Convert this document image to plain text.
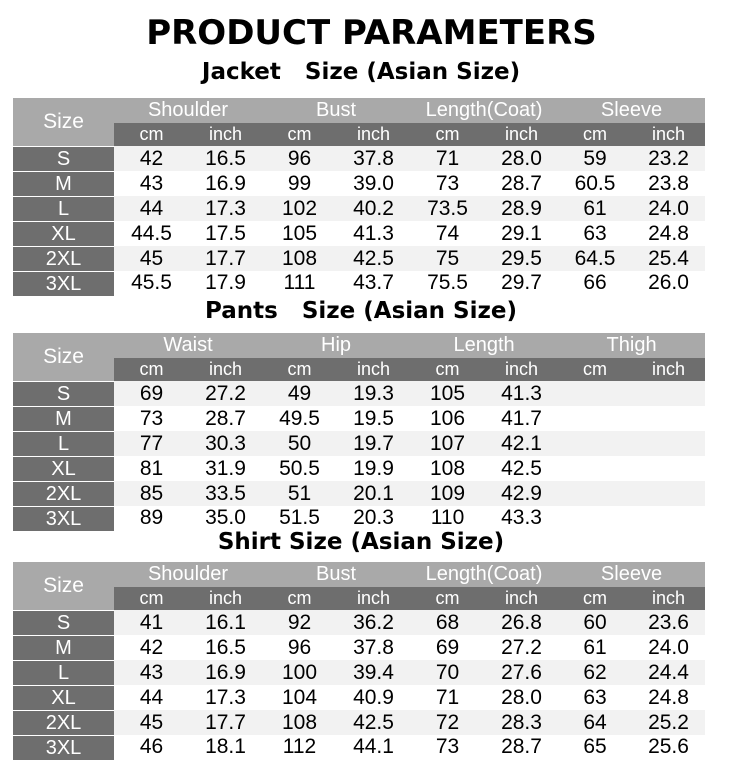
PRODUCT PARAMETERS
Jacket   Size (Asian Size)
Size	Shoulder		Bust		Length(Coat)		Sleeve	
	cm	inch	cm	inch	cm	inch	cm	inch
S	42	16.5	96	37.8	71	28.0	59	23.2
M	43	16.9	99	39.0	73	28.7	60.5	23.8
L	44	17.3	102	40.2	73.5	28.9	61	24.0
XL	44.5	17.5	105	41.3	74	29.1	63	24.8
2XL	45	17.7	108	42.5	75	29.5	64.5	25.4
3XL	45.5	17.9	111	43.7	75.5	29.7	66	26.0
Pants   Size (Asian Size)
Size	Waist		Hip		Length		Thigh	
	cm	inch	cm	inch	cm	inch	cm	inch
S	69	27.2	49	19.3	105	41.3		
M	73	28.7	49.5	19.5	106	41.7		
L	77	30.3	50	19.7	107	42.1		
XL	81	31.9	50.5	19.9	108	42.5		
2XL	85	33.5	51	20.1	109	42.9		
3XL	89	35.0	51.5	20.3	110	43.3		
Shirt Size (Asian Size)
Size	Shoulder		Bust		Length(Coat)		Sleeve	
	cm	inch	cm	inch	cm	inch	cm	inch
S	41	16.1	92	36.2	68	26.8	60	23.6
M	42	16.5	96	37.8	69	27.2	61	24.0
L	43	16.9	100	39.4	70	27.6	62	24.4
XL	44	17.3	104	40.9	71	28.0	63	24.8
2XL	45	17.7	108	42.5	72	28.3	64	25.2
3XL	46	18.1	112	44.1	73	28.7	65	25.6
